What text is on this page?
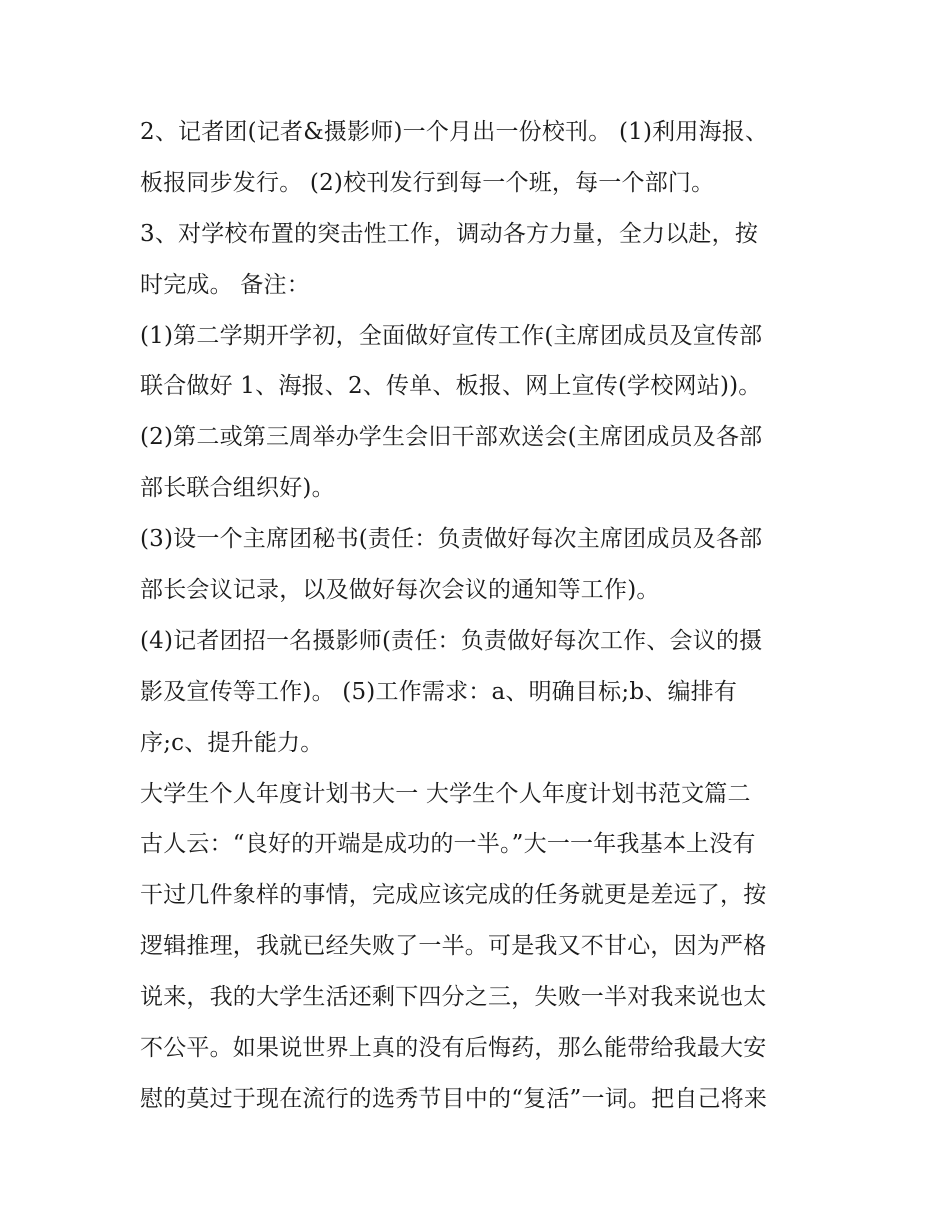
2、记者团(记者&摄影师)一个月出一份校刊。 (1)利用海报、
板报同步发行。 (2)校刊发行到每一个班，每一个部门。
3、对学校布置的突击性工作，调动各方力量，全力以赴，按
时完成。 备注：
(1)第二学期开学初，全面做好宣传工作(主席团成员及宣传部
联合做好 1、海报、2、传单、板报、网上宣传(学校网站))。
(2)第二或第三周举办学生会旧干部欢送会(主席团成员及各部
部长联合组织好)。
(3)设一个主席团秘书(责任：负责做好每次主席团成员及各部
部长会议记录，以及做好每次会议的通知等工作)。
(4)记者团招一名摄影师(责任：负责做好每次工作、会议的摄
影及宣传等工作)。 (5)工作需求：a、明确目标;b、编排有
序;c、提升能力。
大学生个人年度计划书大一 大学生个人年度计划书范文篇二
古人云：“良好的开端是成功的一半。”大一一年我基本上没有
干过几件象样的事情，完成应该完成的任务就更是差远了，按
逻辑推理，我就已经失败了一半。可是我又不甘心，因为严格
说来，我的大学生活还剩下四分之三，失败一半对我来说也太
不公平。如果说世界上真的没有后悔药，那么能带给我最大安
慰的莫过于现在流行的选秀节目中的“复活”一词。把自己将来
